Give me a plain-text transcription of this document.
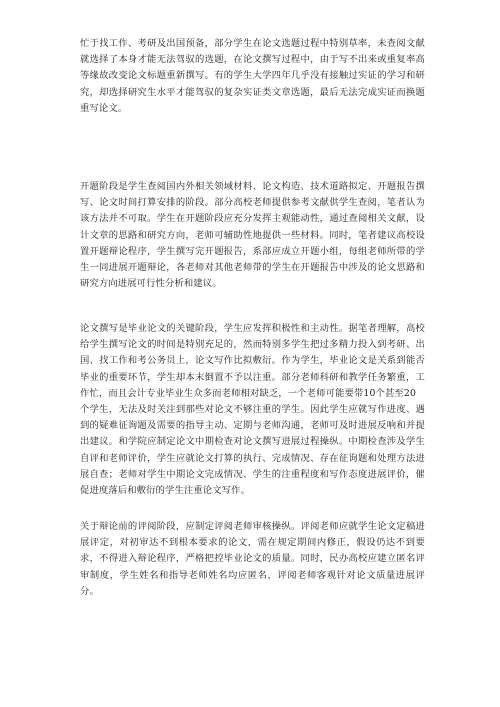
忙于找工作、考研及出国预备，部分学生在论文选题过程中特别草率，未查阅文献就选择了本身才能无法驾驭的选题，在论文撰写过程中，由于写不出来或重复率高等缘故改变论文标题重新撰写。有的学生大学四年几乎没有接触过实证的学习和研究，却选择研究生水平才能驾驭的复杂实证类文章选题，最后无法完成实证而换题重写论文。

开题阶段是学生查阅国内外相关领域材料、论文构造、技术道路拟定、开题报告撰写、论文时间打算安排的阶段。部分高校老师提供参考文献供学生查阅，笔者认为该方法并不可取。学生在开题阶段应充分发挥主观能动性，通过查阅相关文献，设计文章的思路和研究方向，老师可辅助性地提供一些材料。同时，笔者建议高校设置开题辩论程序，学生撰写完开题报告，系部应成立开题小组，每组老师所带的学生一同进展开题辩论，各老师对其他老师带的学生在开题报告中涉及的论文思路和研究方向进展可行性分析和建议。

论文撰写是毕业论文的关键阶段，学生应发挥积极性和主动性。据笔者理解，高校给学生撰写论文的时间是特别充足的，然而特别多学生把过多精力投入到考研、出国、找工作和考公务员上，论文写作比拟敷衍。作为学生，毕业论文是关系到能否毕业的重要环节，学生却本末倒置不予以注重。部分老师科研和教学任务繁重，工作忙，而且会计专业毕业生众多而老师相对缺乏，一个老师可能要带10个甚至20
个学生，无法及时关注到那些对论文不够注重的学生。因此学生应就写作进度、遇到的疑难征询题及需要的指导主动、定期与老师沟通，老师可及时进展反响和并提出建议。和学院应制定论文中期检查对论文撰写进展过程操纵。中期检查涉及学生自评和老师评价，学生应就论文打算的执行、完成情况、存在征询题和处理方法进展自查；老师对学生中期论文完成情况、学生的注重程度和写作态度进展评价，催促进度落后和敷衍的学生注重论文写作。

关于辩论前的评阅阶段，应制定评阅老师审核操纵。评阅老师应就学生论文定稿进展评定，对初审达不到根本要求的论文，需在规定期间内修正，假设仍达不到要求，不得进入辩论程序，严格把控毕业论文的质量。同时，民办高校应建立匿名评审制度，学生姓名和指导老师姓名均应匿名，评阅老师客观针对论文质量进展评分。
